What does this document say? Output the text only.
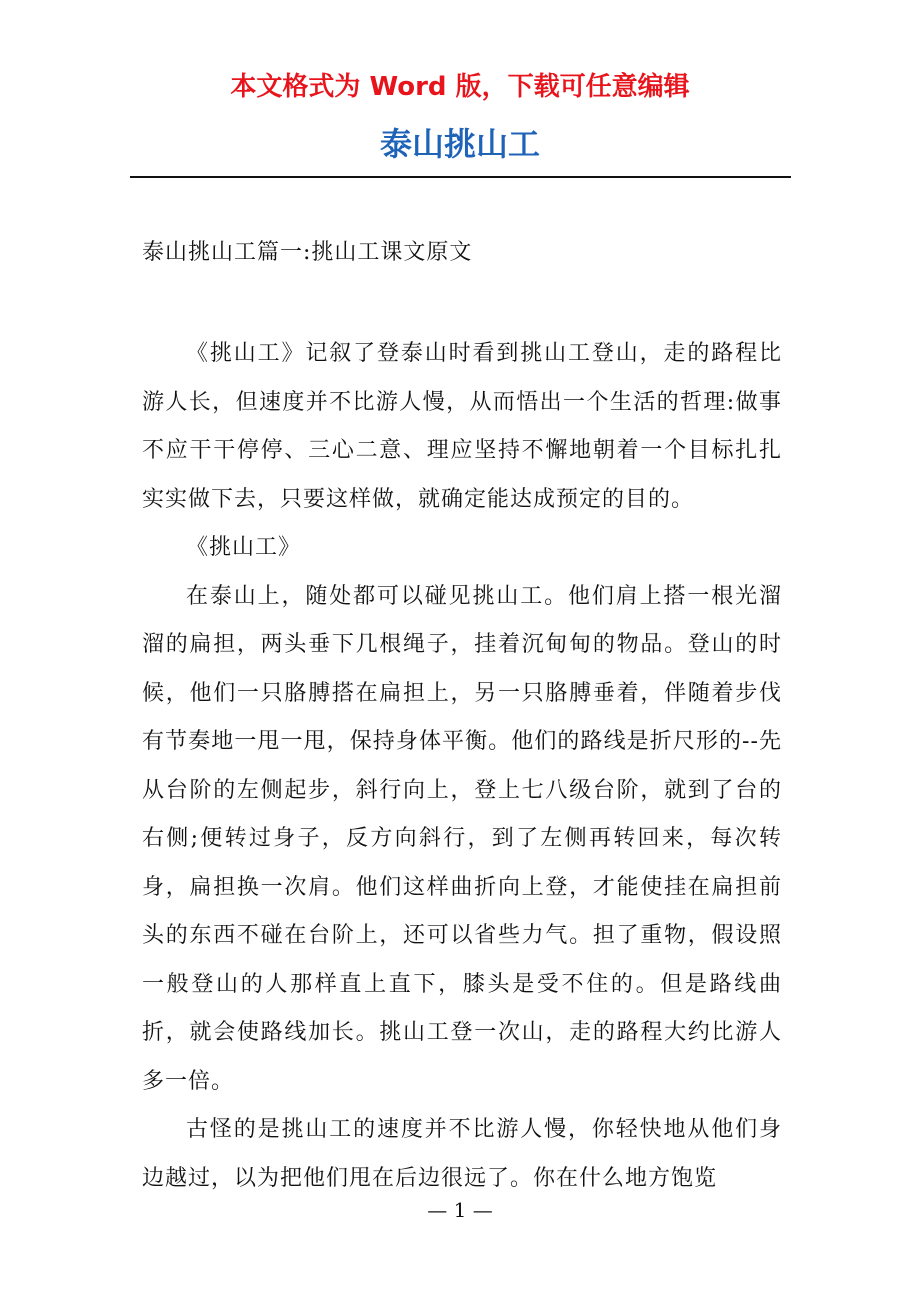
本文格式为 Word 版，下载可任意编辑
泰山挑山工
泰山挑山工篇一:挑山工课文原文

《挑山工》记叙了登泰山时看到挑山工登山，走的路程比游人长，但速度并不比游人慢，从而悟出一个生活的哲理:做事不应干干停停、三心二意、理应坚持不懈地朝着一个目标扎扎实实做下去，只要这样做，就确定能达成预定的目的。

《挑山工》

在泰山上，随处都可以碰见挑山工。他们肩上搭一根光溜溜的扁担，两头垂下几根绳子，挂着沉甸甸的物品。登山的时候，他们一只胳膊搭在扁担上，另一只胳膊垂着，伴随着步伐有节奏地一甩一甩，保持身体平衡。他们的路线是折尺形的--先从台阶的左侧起步，斜行向上，登上七八级台阶，就到了台的右侧;便转过身子，反方向斜行，到了左侧再转回来，每次转身，扁担换一次肩。他们这样曲折向上登，才能使挂在扁担前头的东西不碰在台阶上，还可以省些力气。担了重物，假设照一般登山的人那样直上直下，膝头是受不住的。但是路线曲折，就会使路线加长。挑山工登一次山，走的路程大约比游人多一倍。

古怪的是挑山工的速度并不比游人慢，你轻快地从他们身边越过，以为把他们甩在后边很远了。你在什么地方饱览

— 1 —
